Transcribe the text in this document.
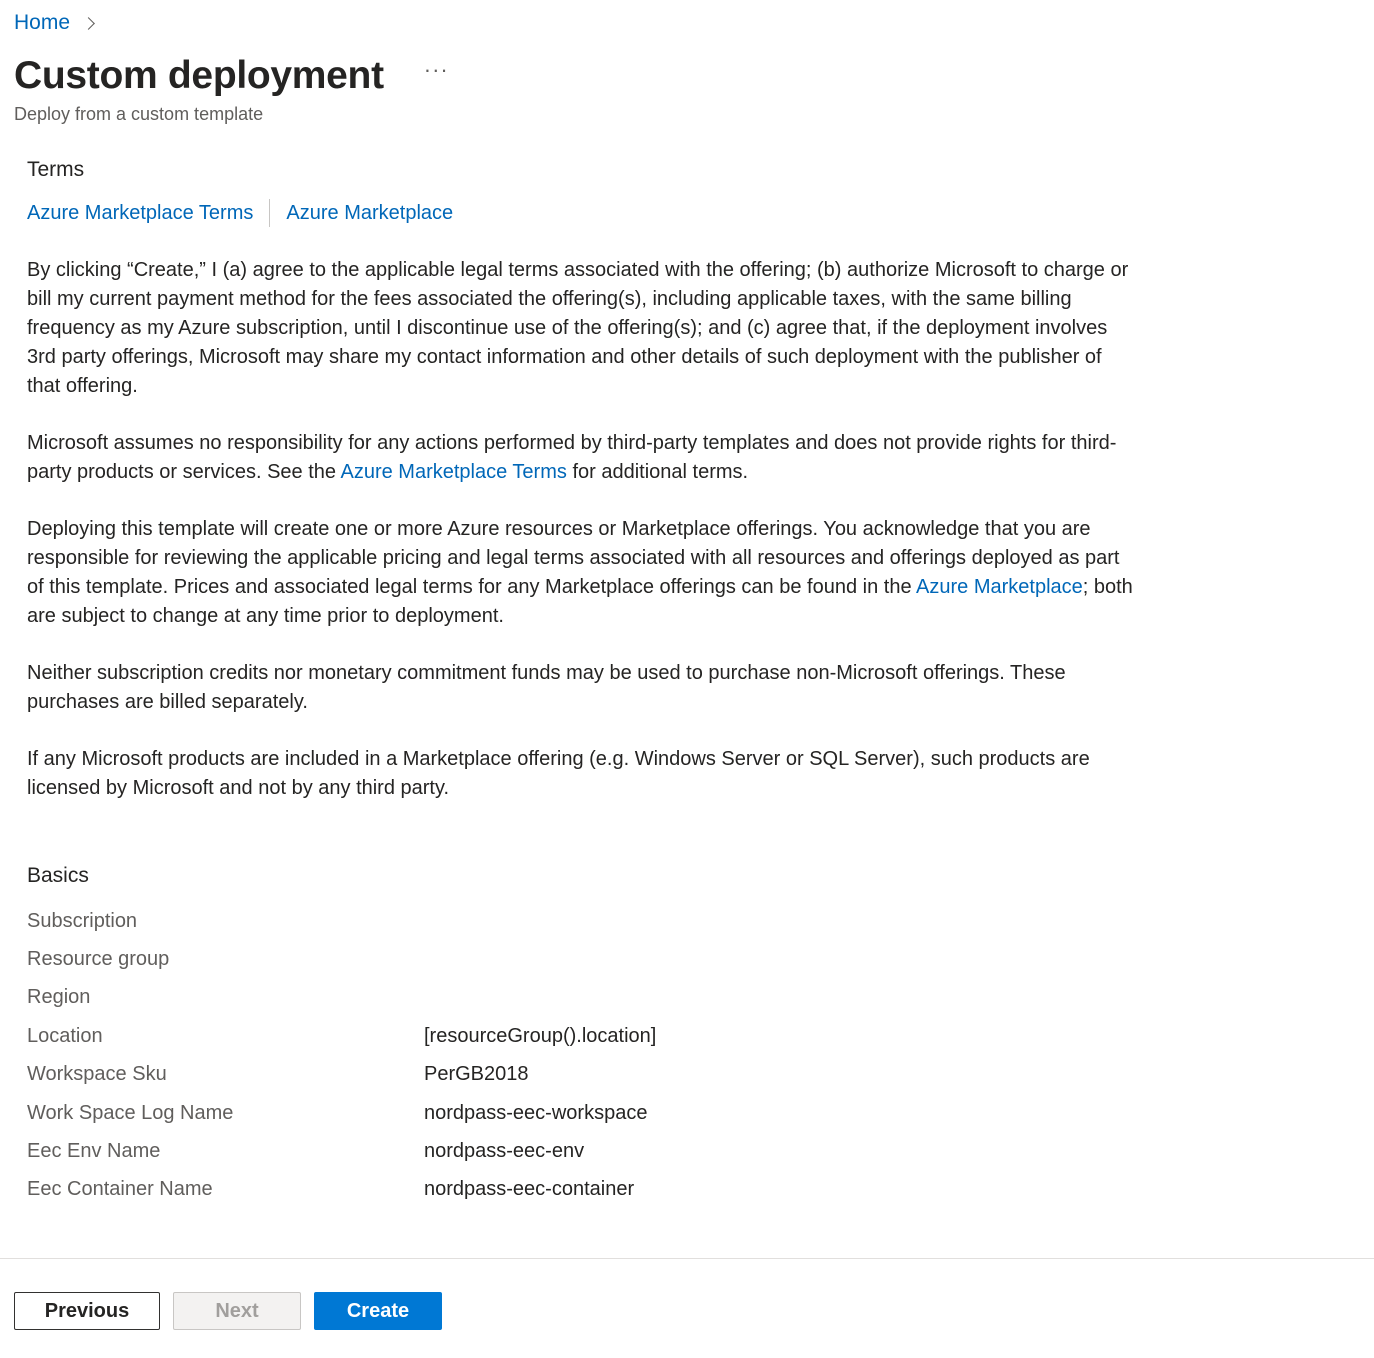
Home
Custom deployment ···
Deploy from a custom template
Terms
Azure Marketplace Terms Azure Marketplace

By clicking “Create,” I (a) agree to the applicable legal terms associated with the offering; (b) authorize Microsoft to charge or bill my current payment method for the fees associated the offering(s), including applicable taxes, with the same billing frequency as my Azure subscription, until I discontinue use of the offering(s); and (c) agree that, if the deployment involves 3rd party offerings, Microsoft may share my contact information and other details of such deployment with the publisher of that offering.

Microsoft assumes no responsibility for any actions performed by third-party templates and does not provide rights for third-party products or services. See the Azure Marketplace Terms for additional terms.

Deploying this template will create one or more Azure resources or Marketplace offerings. You acknowledge that you are responsible for reviewing the applicable pricing and legal terms associated with all resources and offerings deployed as part of this template. Prices and associated legal terms for any Marketplace offerings can be found in the Azure Marketplace; both are subject to change at any time prior to deployment.

Neither subscription credits nor monetary commitment funds may be used to purchase non-Microsoft offerings. These purchases are billed separately.

If any Microsoft products are included in a Marketplace offering (e.g. Windows Server or SQL Server), such products are licensed by Microsoft and not by any third party.

Basics
Subscription
Resource group
Region
Location	[resourceGroup().location]
Workspace Sku	PerGB2018
Work Space Log Name	nordpass-eec-workspace
Eec Env Name	nordpass-eec-env
Eec Container Name	nordpass-eec-container
Previous	Next	Create
